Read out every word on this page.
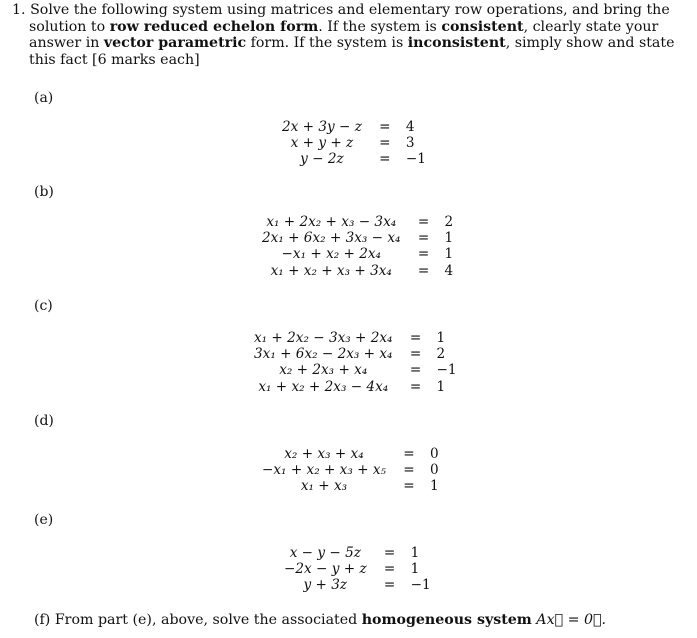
1. Solve the following system using matrices and elementary row operations, and bring the
solution to row reduced echelon form. If the system is consistent, clearly state your
answer in vector parametric form. If the system is inconsistent, simply show and state
this fact [6 marks each]

(a)

2x + 3y − z	=	4
x + y + z	=	3
y − 2z	=	−1

(b)

x₁ + 2x₂ + x₃ − 3x₄	=	2
2x₁ + 6x₂ + 3x₃ − x₄	=	1
−x₁ + x₂ + 2x₄	=	1
x₁ + x₂ + x₃ + 3x₄	=	4

(c)

x₁ + 2x₂ − 3x₃ + 2x₄	=	1
3x₁ + 6x₂ − 2x₃ + x₄	=	2
x₂ + 2x₃ + x₄	=	−1
x₁ + x₂ + 2x₃ − 4x₄	=	1

(d)

x₂ + x₃ + x₄	=	0
−x₁ + x₂ + x₃ + x₅	=	0
x₁ + x₃	=	1

(e)

x − y − 5z	=	1
−2x − y + z	=	1
y + 3z	=	−1

(f) From part (e), above, solve the associated homogeneous system Ax⃗ = 0⃗.
